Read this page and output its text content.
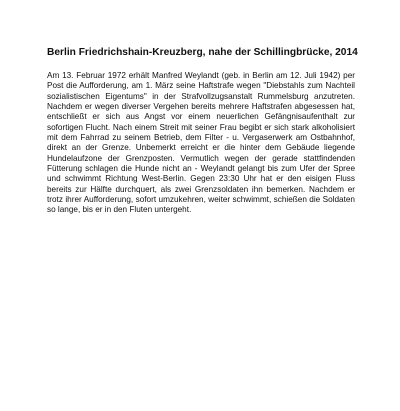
Berlin Friedrichshain-Kreuzberg, nahe der Schillingbrücke, 2014

Am 13. Februar 1972 erhält Manfred Weylandt (geb. in Berlin am 12. Juli 1942) per Post die Aufforderung, am 1. März seine Haftstrafe wegen "Diebstahls zum Nachteil sozialistischen Eigentums" in der Strafvollzugsanstalt Rummelsburg anzutreten. Nachdem er wegen diverser Vergehen bereits mehrere Haftstrafen abgesessen hat, entschließt er sich aus Angst vor einem neuerlichen Gefängnisaufenthalt zur sofortigen Flucht. Nach einem Streit mit seiner Frau begibt er sich stark alkoholisiert mit dem Fahrrad zu seinem Betrieb, dem Filter - u. Vergaserwerk am Ostbahnhof, direkt an der Grenze. Unbemerkt erreicht er die hinter dem Gebäude liegende Hundelaufzone der Grenzposten. Vermutlich wegen der gerade stattfindenden Fütterung schlagen die Hunde nicht an - Weylandt gelangt bis zum Ufer der Spree und schwimmt Richtung West-Berlin. Gegen 23:30 Uhr hat er den eisigen Fluss bereits zur Hälfte durchquert, als zwei Grenzsoldaten ihn bemerken. Nachdem er trotz ihrer Aufforderung, sofort umzukehren, weiter schwimmt, schießen die Soldaten so lange, bis er in den Fluten untergeht.
